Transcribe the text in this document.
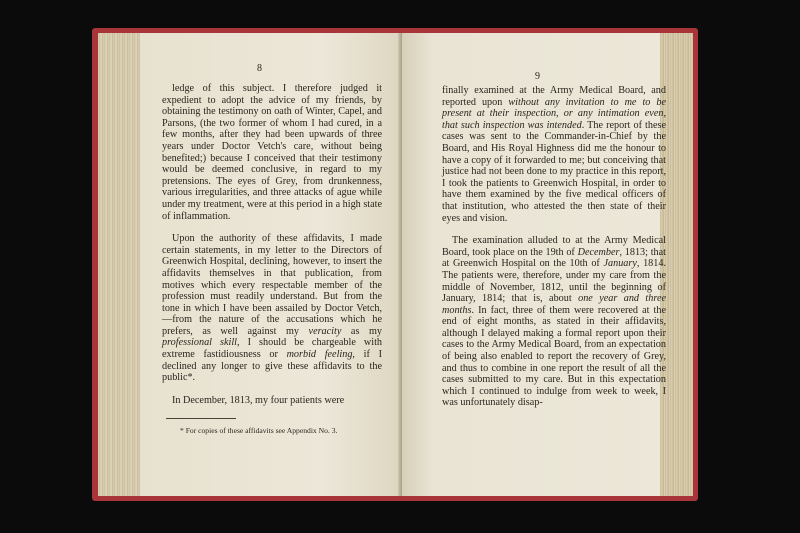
8

ledge of this subject. I therefore judged it expedient to adopt the advice of my friends, by obtaining the testimony on oath of Winter, Capel, and Parsons, (the two former of whom I had cured, in a few months, after they had been upwards of three years under Doctor Vetch's care, without being benefited;) because I conceived that their testimony would be deemed conclusive, in regard to my pretensions. The eyes of Grey, from drunkenness, various irregularities, and three attacks of ague while under my treatment, were at this period in a high state of inflammation.

Upon the authority of these affidavits, I made certain statements, in my letter to the Directors of Greenwich Hospital, declining, however, to insert the affidavits themselves in that publication, from motives which every respectable member of the profession must readily understand. But from the tone in which I have been assailed by Doctor Vetch,—from the nature of the accusations which he prefers, as well against my veracity as my professional skill, I should be chargeable with extreme fastidiousness or morbid feeling, if I declined any longer to give these affidavits to the public*.

In December, 1813, my four patients were

* For copies of these affidavits see Appendix No. 3.
9

finally examined at the Army Medical Board, and reported upon without any invitation to me to be present at their inspection, or any intimation even, that such inspection was intended. The report of these cases was sent to the Commander-in-Chief by the Board, and His Royal Highness did me the honour to have a copy of it forwarded to me; but conceiving that justice had not been done to my practice in this report, I took the patients to Greenwich Hospital, in order to have them examined by the five medical officers of that institution, who attested the then state of their eyes and vision.

The examination alluded to at the Army Medical Board, took place on the 19th of December, 1813; that at Greenwich Hospital on the 10th of January, 1814. The patients were, therefore, under my care from the middle of November, 1812, until the beginning of January, 1814; that is, about one year and three months. In fact, three of them were recovered at the end of eight months, as stated in their affidavits, although I delayed making a formal report upon their cases to the Army Medical Board, from an expectation of being also enabled to report the recovery of Grey, and thus to combine in one report the result of all the cases submitted to my care. But in this expectation which I continued to indulge from week to week, I was unfortunately disap-
